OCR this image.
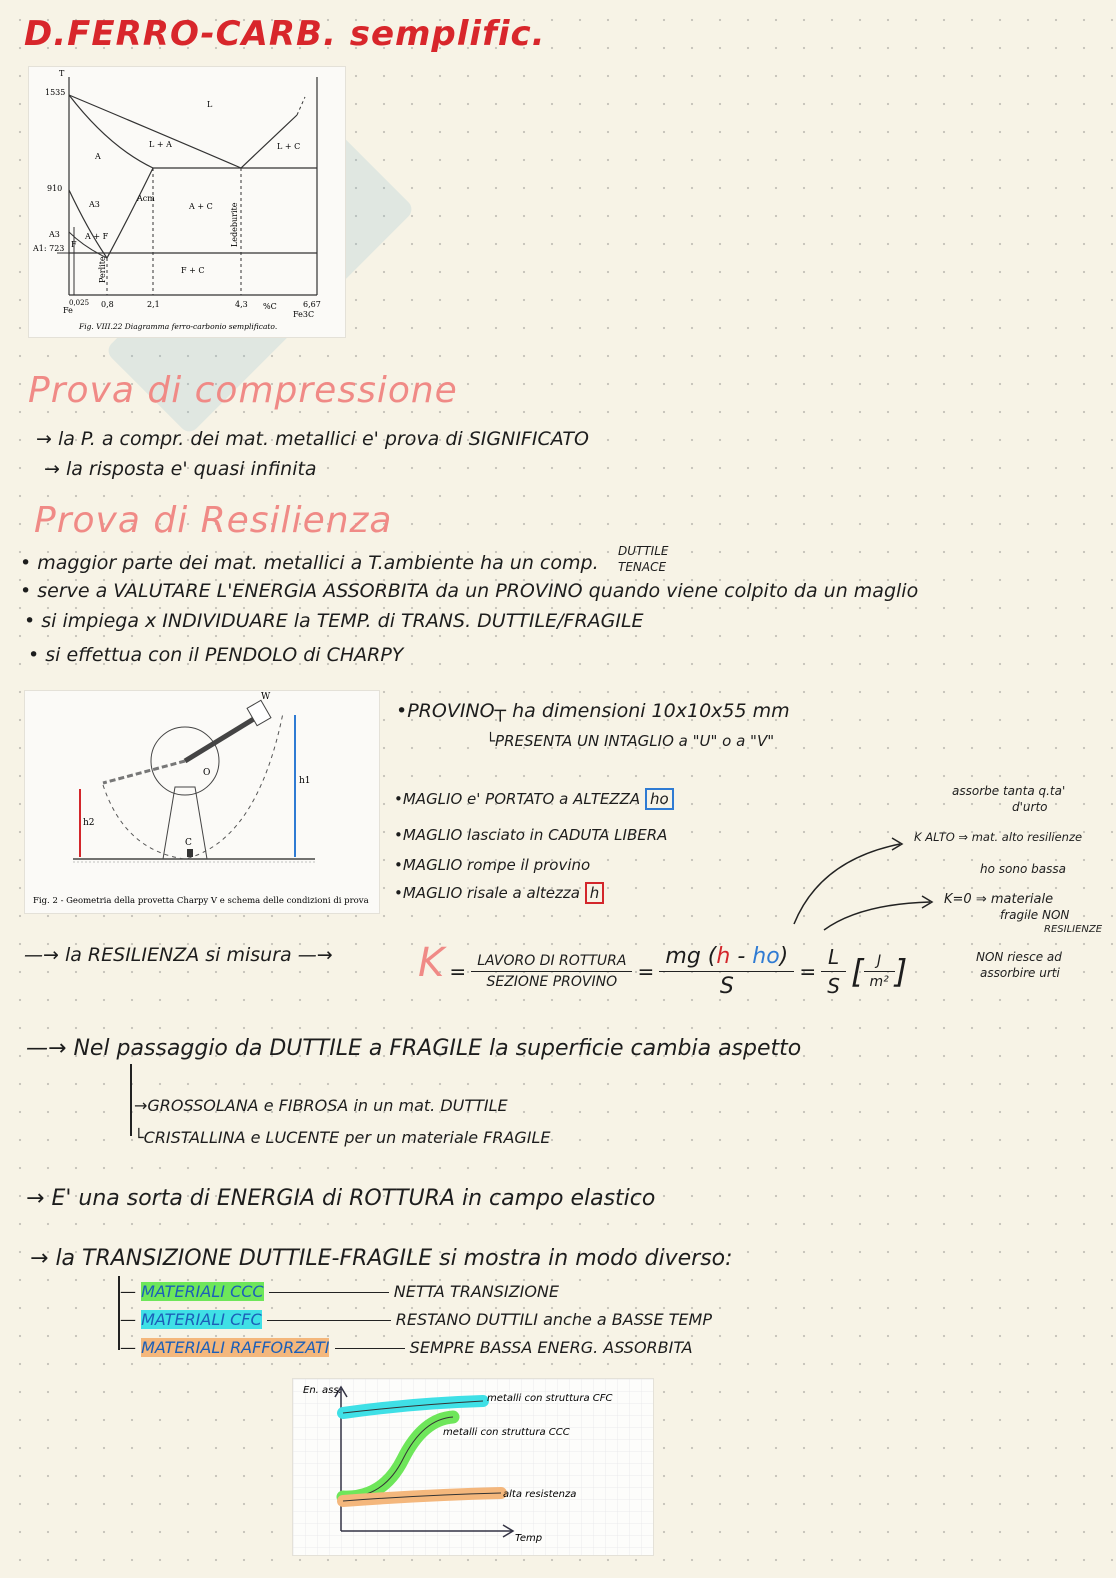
D.FERRO-CARB. semplific.
T
1535
910
A3
A1: 723
L
L + A	L + C
A
A + C
F + C
A + F
F
Acm
A3
Perlite
Ledeburite
0,025 0,8	2,1	4,3	6,67
Fe	Fe3C
%C
Fig. VIII.22 Diagramma ferro-carbonio semplificato.
Prova di compressione
→ la P. a compr. dei mat. metallici e' prova di SIGNIFICATO
→ la risposta e' quasi infinita
Prova di Resilienza
• maggior parte dei mat. metallici a T.ambiente ha un comp.
DUTTILE
TENACE
• serve a VALUTARE L'ENERGIA ASSORBITA da un PROVINO quando viene colpito da un maglio
• si impiega x INDIVIDUARE la TEMP. di TRANS. DUTTILE/FRAGILE
• si effettua con il PENDOLO di CHARPY
W
O
h1
h2
C
Fig. 2 - Geometria della provetta Charpy V e schema delle condizioni di prova
•PROVINO┬ ha dimensioni 10x10x55 mm
└PRESENTA UN INTAGLIO a "U" o a "V"
•MAGLIO e' PORTATO a ALTEZZA ho
•MAGLIO lasciato in CADUTA LIBERA
•MAGLIO rompe il provino
•MAGLIO risale a altezza h
assorbe tanta q.ta'
d'urto
K ALTO ⇒ mat. alto resilienze
ho sono bassa
K=0 ⇒ materiale
fragile NON
RESILIENZE
NON riesce ad
assorbire urti
—→ la RESILIENZA si misura —→ $K = \frac{\text{LAVORO DI ROTTURA}}{\text{SEZIONE PROVINO}} = \frac{mg (h - ho)}{S} = \frac{L}{S}$ [ $\frac{J}{\text{m²}}$ ]
—→ Nel passaggio da DUTTILE a FRAGILE la superficie cambia aspetto
→GROSSOLANA e FIBROSA in un mat. DUTTILE
└CRISTALLINA e LUCENTE per un materiale FRAGILE
→ E' una sorta di ENERGIA di ROTTURA in campo elastico
→ la TRANSIZIONE DUTTILE-FRAGILE si mostra in modo diverso:
— MATERIALI CCC	NETTA TRANSIZIONE
— MATERIALI CFC	RESTANO DUTTILI anche a BASSE TEMP
— MATERIALI RAFFORZATI	SEMPRE BASSA ENERG. ASSORBITA
En. ass.
Temp
metalli con struttura CFC
metalli con struttura CCC
alta resistenza
